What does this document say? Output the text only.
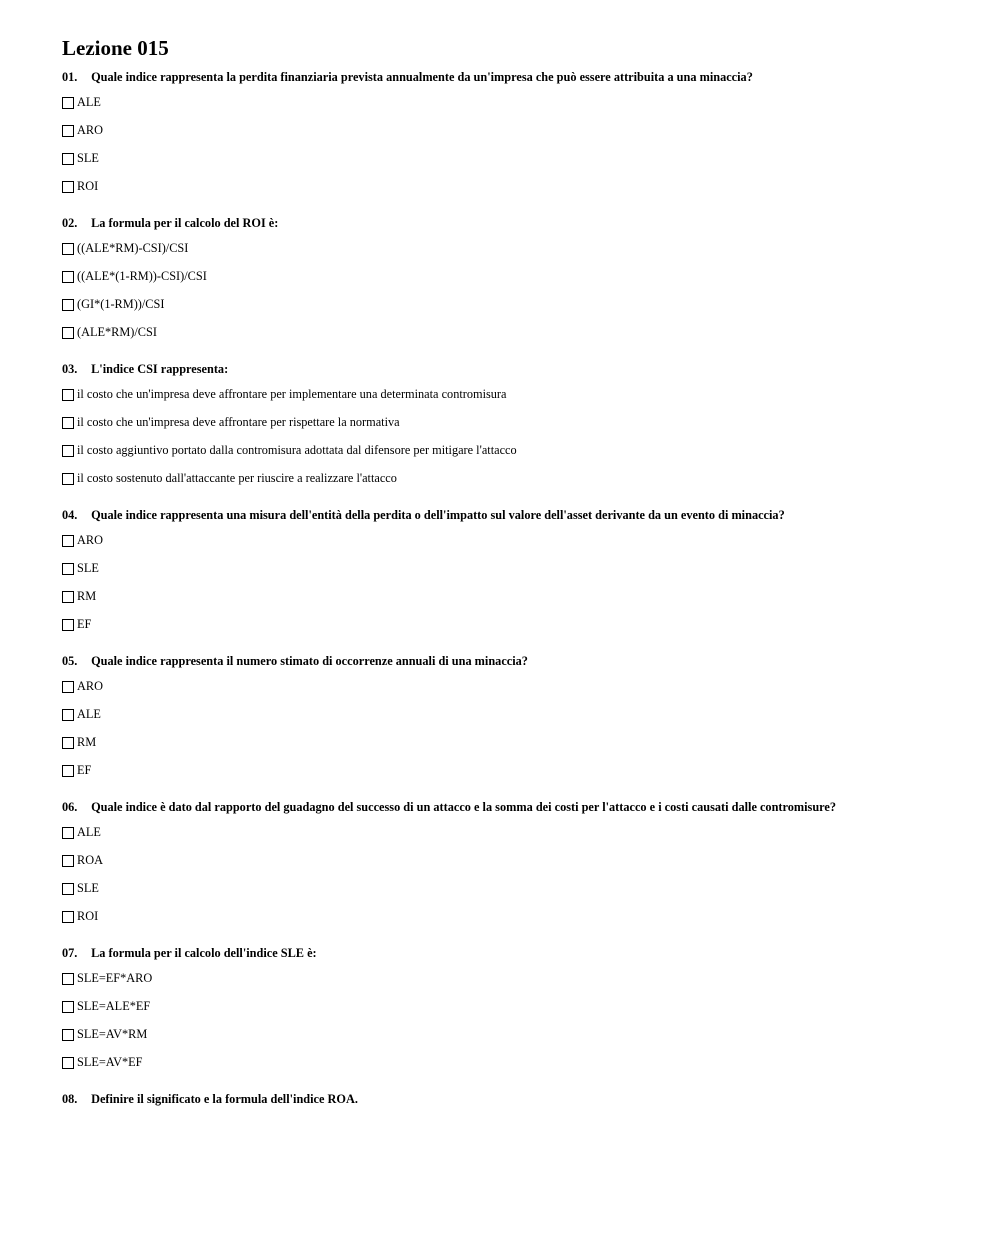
Lezione 015
01. Quale indice rappresenta la perdita finanziaria prevista annualmente da un'impresa che può essere attribuita a una minaccia?
ALE
ARO
SLE
ROI
02. La formula per il calcolo del ROI è:
((ALE*RM)-CSI)/CSI
((ALE*(1-RM))-CSI)/CSI
(GI*(1-RM))/CSI
(ALE*RM)/CSI
03. L'indice CSI rappresenta:
il costo che un'impresa deve affrontare per implementare una determinata contromisura
il costo che un'impresa deve affrontare per rispettare la normativa
il costo aggiuntivo portato dalla contromisura adottata dal difensore per mitigare l'attacco
il costo sostenuto dall'attaccante per riuscire a realizzare l'attacco
04. Quale indice rappresenta una misura dell'entità della perdita o dell'impatto sul valore dell'asset derivante da un evento di minaccia?
ARO
SLE
RM
EF
05. Quale indice rappresenta il numero stimato di occorrenze annuali di una minaccia?
ARO
ALE
RM
EF
06. Quale indice è dato dal rapporto del guadagno del successo di un attacco e la somma dei costi per l'attacco e i costi causati dalle contromisure?
ALE
ROA
SLE
ROI
07. La formula per il calcolo dell'indice SLE è:
SLE=EF*ARO
SLE=ALE*EF
SLE=AV*RM
SLE=AV*EF
08. Definire il significato e la formula dell'indice ROA.
